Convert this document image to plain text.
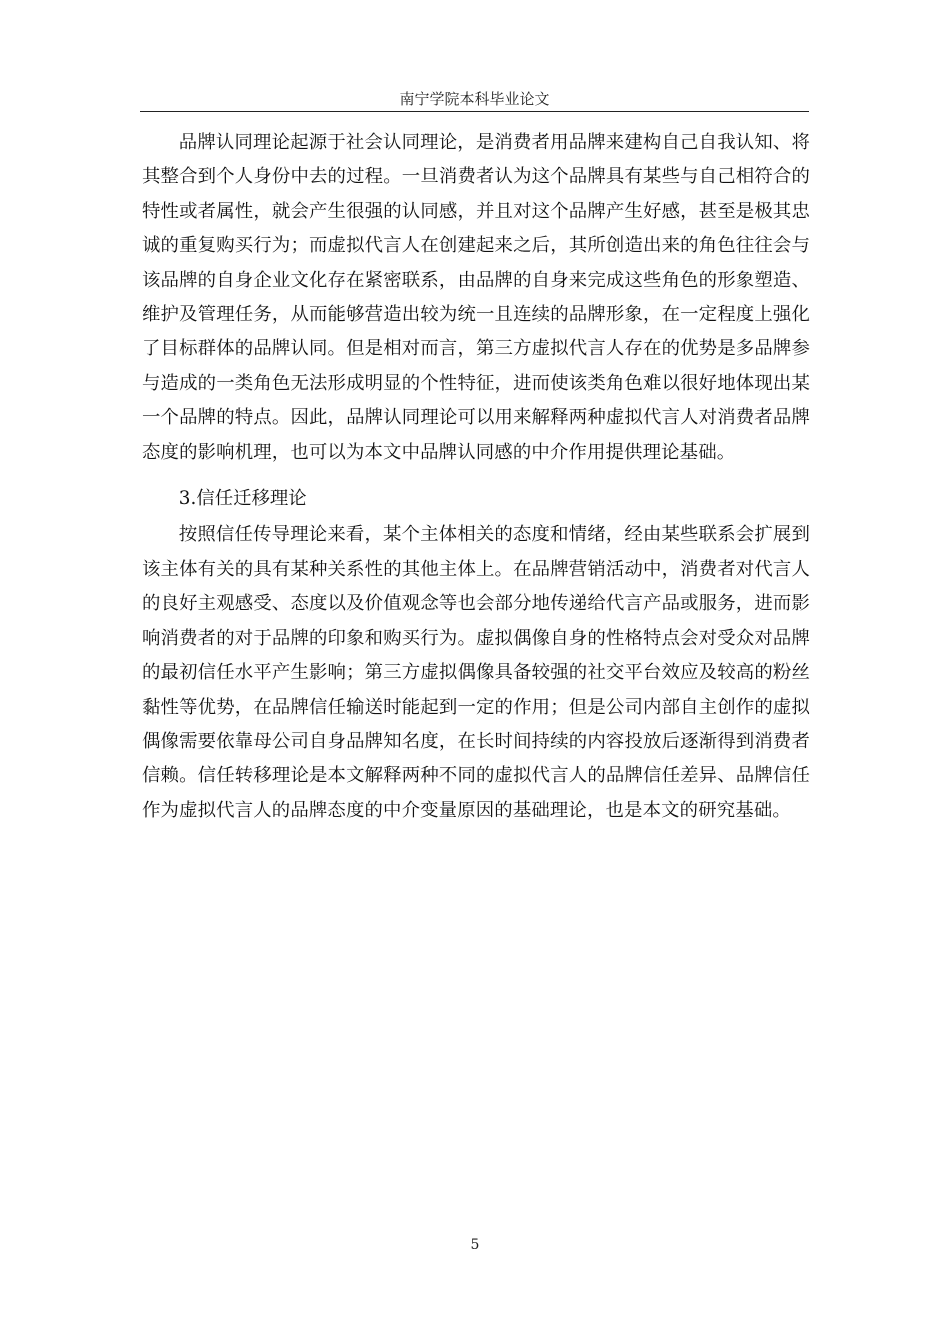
南宁学院本科毕业论文

品牌认同理论起源于社会认同理论，是消费者用品牌来建构自己自我认知、将其整合到个人身份中去的过程。一旦消费者认为这个品牌具有某些与自己相符合的特性或者属性，就会产生很强的认同感，并且对这个品牌产生好感，甚至是极其忠诚的重复购买行为；而虚拟代言人在创建起来之后，其所创造出来的角色往往会与该品牌的自身企业文化存在紧密联系，由品牌的自身来完成这些角色的形象塑造、维护及管理任务，从而能够营造出较为统一且连续的品牌形象，在一定程度上强化了目标群体的品牌认同。但是相对而言，第三方虚拟代言人存在的优势是多品牌参与造成的一类角色无法形成明显的个性特征，进而使该类角色难以很好地体现出某一个品牌的特点。因此，品牌认同理论可以用来解释两种虚拟代言人对消费者品牌态度的影响机理，也可以为本文中品牌认同感的中介作用提供理论基础。

3.信任迁移理论

按照信任传导理论来看，某个主体相关的态度和情绪，经由某些联系会扩展到该主体有关的具有某种关系性的其他主体上。在品牌营销活动中，消费者对代言人的良好主观感受、态度以及价值观念等也会部分地传递给代言产品或服务，进而影响消费者的对于品牌的印象和购买行为。虚拟偶像自身的性格特点会对受众对品牌的最初信任水平产生影响；第三方虚拟偶像具备较强的社交平台效应及较高的粉丝黏性等优势，在品牌信任输送时能起到一定的作用；但是公司内部自主创作的虚拟偶像需要依靠母公司自身品牌知名度，在长时间持续的内容投放后逐渐得到消费者信赖。信任转移理论是本文解释两种不同的虚拟代言人的品牌信任差异、品牌信任作为虚拟代言人的品牌态度的中介变量原因的基础理论，也是本文的研究基础。

5
